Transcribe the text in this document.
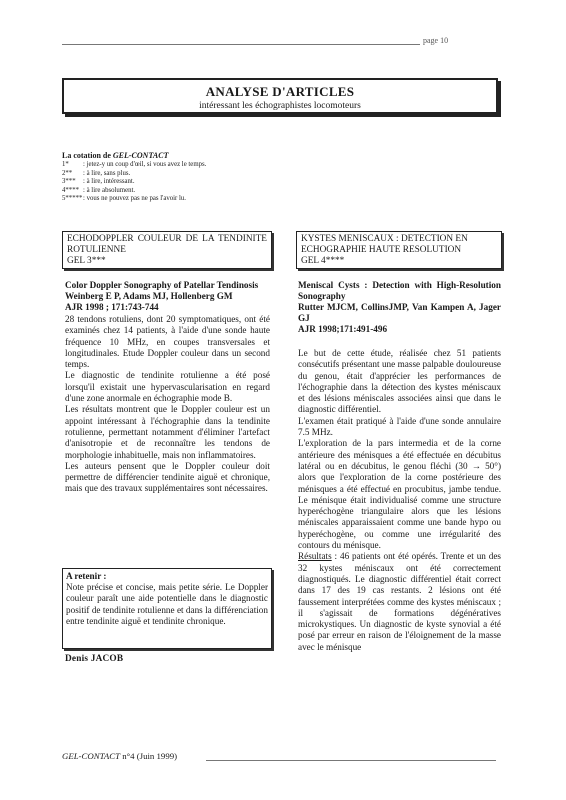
page 10
ANALYSE D'ARTICLES
intéressant les échographistes locomoteurs
La cotation de GEL-CONTACT
1*	: jetez-y un coup d'œil, si vous avez le temps.
2**	: à lire, sans plus.
3***	: à lire, intéressant.
4**** : à lire absolument.
5***** : vous ne pouvez pas ne pas l'avoir lu.
ECHODOPPLER COULEUR DE LA TENDINITE ROTULIENNE
GEL 3***
KYSTES MENISCAUX : DETECTION EN ECHOGRAPHIE HAUTE RESOLUTION
GEL 4****
Color Doppler Sonography of Patellar Tendinosis
Weinberg E P, Adams MJ, Hollenberg GM
AJR 1998 ; 171:743-744

28 tendons rotuliens, dont 20 symptomatiques, ont été examinés chez 14 patients, à l'aide d'une sonde haute fréquence 10 MHz, en coupes transversales et longitudinales. Etude Doppler couleur dans un second temps.

Le diagnostic de tendinite rotulienne a été posé lorsqu'il existait une hypervascularisation en regard d'une zone anormale en échographie mode B.

Les résultats montrent que le Doppler couleur est un appoint intéressant à l'échographie dans la tendinite rotulienne, permettant notamment d'éliminer l'artefact d'anisotropie et de reconnaître les tendons de morphologie inhabituelle, mais non inflammatoires.

Les auteurs pensent que le Doppler couleur doit permettre de différencier tendinite aiguë et chronique, mais que des travaux supplémentaires sont nécessaires.

A retenir :
Note précise et concise, mais petite série. Le Doppler couleur paraît une aide potentielle dans le diagnostic positif de tendinite rotulienne et dans la différenciation entre tendinite aiguë et tendinite chronique.
Denis JACOB
Meniscal Cysts : Detection with High-Resolution Sonography
Rutter MJCM, CollinsJMP, Van Kampen A, Jager GJ
AJR 1998;171:491-496

Le but de cette étude, réalisée chez 51 patients consécutifs présentant une masse palpable douloureuse du genou, était d'apprécier les performances de l'échographie dans la détection des kystes méniscaux et des lésions méniscales associées ainsi que dans le diagnostic différentiel.

L'examen était pratiqué à l'aide d'une sonde annulaire 7.5 MHz.

L'exploration de la pars intermedia et de la corne antérieure des ménisques a été effectuée en décubitus latéral ou en décubitus, le genou fléchi (30 → 50°) alors que l'exploration de la corne postérieure des ménisques a été effectué en procubitus, jambe tendue. Le ménisque était individualisé comme une structure hyperéchogène triangulaire alors que les lésions méniscales apparaissaient comme une bande hypo ou hyperéchogène, ou comme une irrégularité des contours du ménisque.

Résultats : 46 patients ont été opérés. Trente et un des 32 kystes méniscaux ont été correctement diagnostiqués. Le diagnostic différentiel était correct dans 17 des 19 cas restants. 2 lésions ont été faussement interprétées comme des kystes méniscaux ; il s'agissait de formations dégénératives microkystiques. Un diagnostic de kyste synovial a été posé par erreur en raison de l'éloignement de la masse avec le ménisque

GEL-CONTACT n°4 (Juin 1999)
